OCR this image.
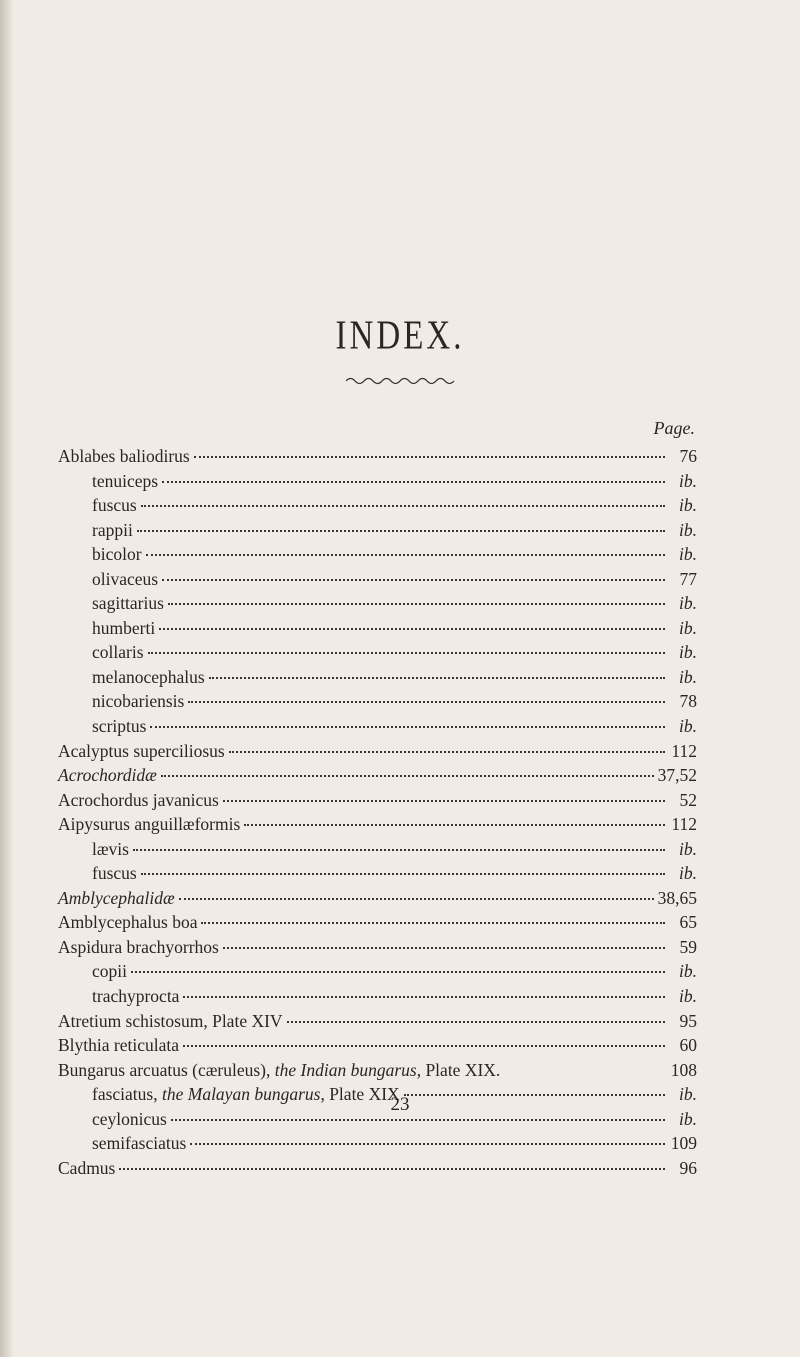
INDEX.
Page.
Ablabes baliodirus	76
tenuiceps	ib.
fuscus	ib.
rappii	ib.
bicolor	ib.
olivaceus	77
sagittarius	ib.
humberti	ib.
collaris	ib.
melanocephalus	ib.
nicobariensis	78
scriptus	ib.
Acalyptus superciliosus	112
Acrochordidæ	37,52
Acrochordus javanicus	52
Aipysurus anguillæformis	112
lævis	ib.
fuscus	ib.
Amblycephalidæ	38,65
Amblycephalus boa	65
Aspidura brachyorrhos	59
copii	ib.
trachyprocta	ib.
Atretium schistosum, Plate XIV	95
Blythia reticulata	60
Bungarus arcuatus (cæruleus), the Indian bungarus, Plate XIX.	108
fasciatus, the Malayan bungarus, Plate XIX	ib.
ceylonicus	ib.
semifasciatus	109
Cadmus	96
23
